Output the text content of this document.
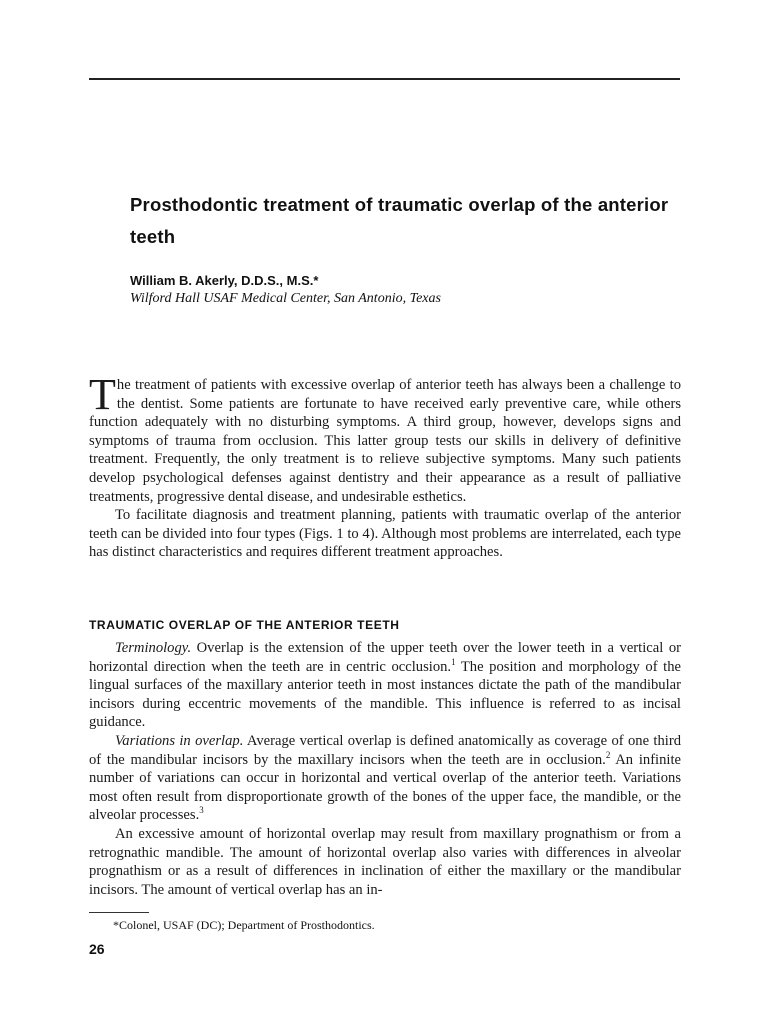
Prosthodontic treatment of traumatic overlap of the anterior teeth
William B. Akerly, D.D.S., M.S.*
Wilford Hall USAF Medical Center, San Antonio, Texas

The treatment of patients with excessive overlap of anterior teeth has always been a challenge to the dentist. Some patients are fortunate to have received early preventive care, while others function adequately with no disturbing symptoms. A third group, however, develops signs and symptoms of trauma from occlusion. This latter group tests our skills in delivery of definitive treatment. Frequently, the only treatment is to relieve subjective symptoms. Many such patients develop psychological defenses against dentistry and their appearance as a result of palliative treatments, progressive dental disease, and undesirable esthetics.

To facilitate diagnosis and treatment planning, patients with traumatic overlap of the anterior teeth can be divided into four types (Figs. 1 to 4). Although most problems are interrelated, each type has distinct characteristics and requires different treatment approaches.

TRAUMATIC OVERLAP OF THE ANTERIOR TEETH

Terminology. Overlap is the extension of the upper teeth over the lower teeth in a vertical or horizontal direction when the teeth are in centric occlusion.$^1$ The position and morphology of the lingual surfaces of the maxillary anterior teeth in most instances dictate the path of the mandibular incisors during eccentric movements of the mandible. This influence is referred to as incisal guidance.

Variations in overlap. Average vertical overlap is defined anatomically as coverage of one third of the mandibular incisors by the maxillary incisors when the teeth are in occlusion.$^2$ An infinite number of variations can occur in horizontal and vertical overlap of the anterior teeth. Variations most often result from disproportionate growth of the bones of the upper face, the mandible, or the alveolar processes.$^3$

An excessive amount of horizontal overlap may result from maxillary prognathism or from a retrognathic mandible. The amount of horizontal overlap also varies with differences in alveolar prognathism or as a result of differences in inclination of either the maxillary or the mandibular incisors. The amount of vertical overlap has an in-

*Colonel, USAF (DC); Department of Prosthodontics.
26
